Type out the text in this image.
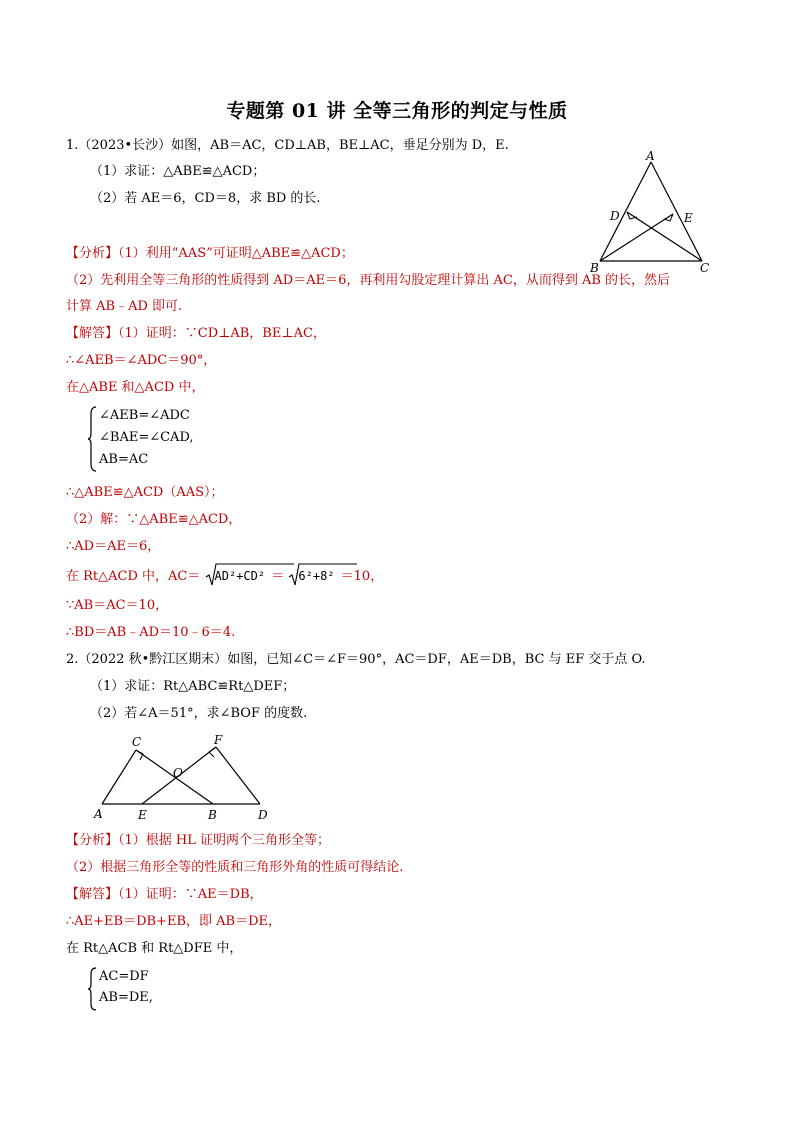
专题第 01 讲 全等三角形的判定与性质
1.（2023•长沙）如图，AB＝AC，CD⊥AB，BE⊥AC，垂足分别为 D，E.
（1）求证：△ABE≌△ACD；
（2）若 AE＝6，CD＝8，求 BD 的长.
A
B	C
D	E
【分析】（1）利用“AAS”可证明△ABE≌△ACD；
（2）先利用全等三角形的性质得到 AD＝AE＝6，再利用勾股定理计算出 AC，从而得到 AB 的长，然后
计算 AB﹣AD 即可.
【解答】（1）证明：∵CD⊥AB，BE⊥AC，
∴∠AEB＝∠ADC＝90°，
在△ABE 和△ACD 中，
∠AEB=∠ADC
∠BAE=∠CAD,
AB=AC
∴△ABE≌△ACD（AAS）；
（2）解：∵△ABE≌△ACD，
∴AD＝AE＝6，
在 Rt△ACD 中，AC＝ AD²+CD² ＝ 6²+8² ＝10，
∵AB＝AC＝10，
∴BD＝AB﹣AD＝10﹣6＝4.
2.（2022 秋•黔江区期末）如图，已知∠C＝∠F＝90°，AC＝DF，AE＝DB，BC 与 EF 交于点 O.
（1）求证：Rt△ABC≌Rt△DEF；
（2）若∠A＝51°，求∠BOF 的度数.
A
C	F
O
E	B	D
【分析】（1）根据 HL 证明两个三角形全等；
（2）根据三角形全等的性质和三角形外角的性质可得结论.
【解答】（1）证明：∵AE＝DB，
∴AE+EB＝DB+EB，即 AB＝DE，
在 Rt△ACB 和 Rt△DFE 中，
AC=DF
AB=DE,
